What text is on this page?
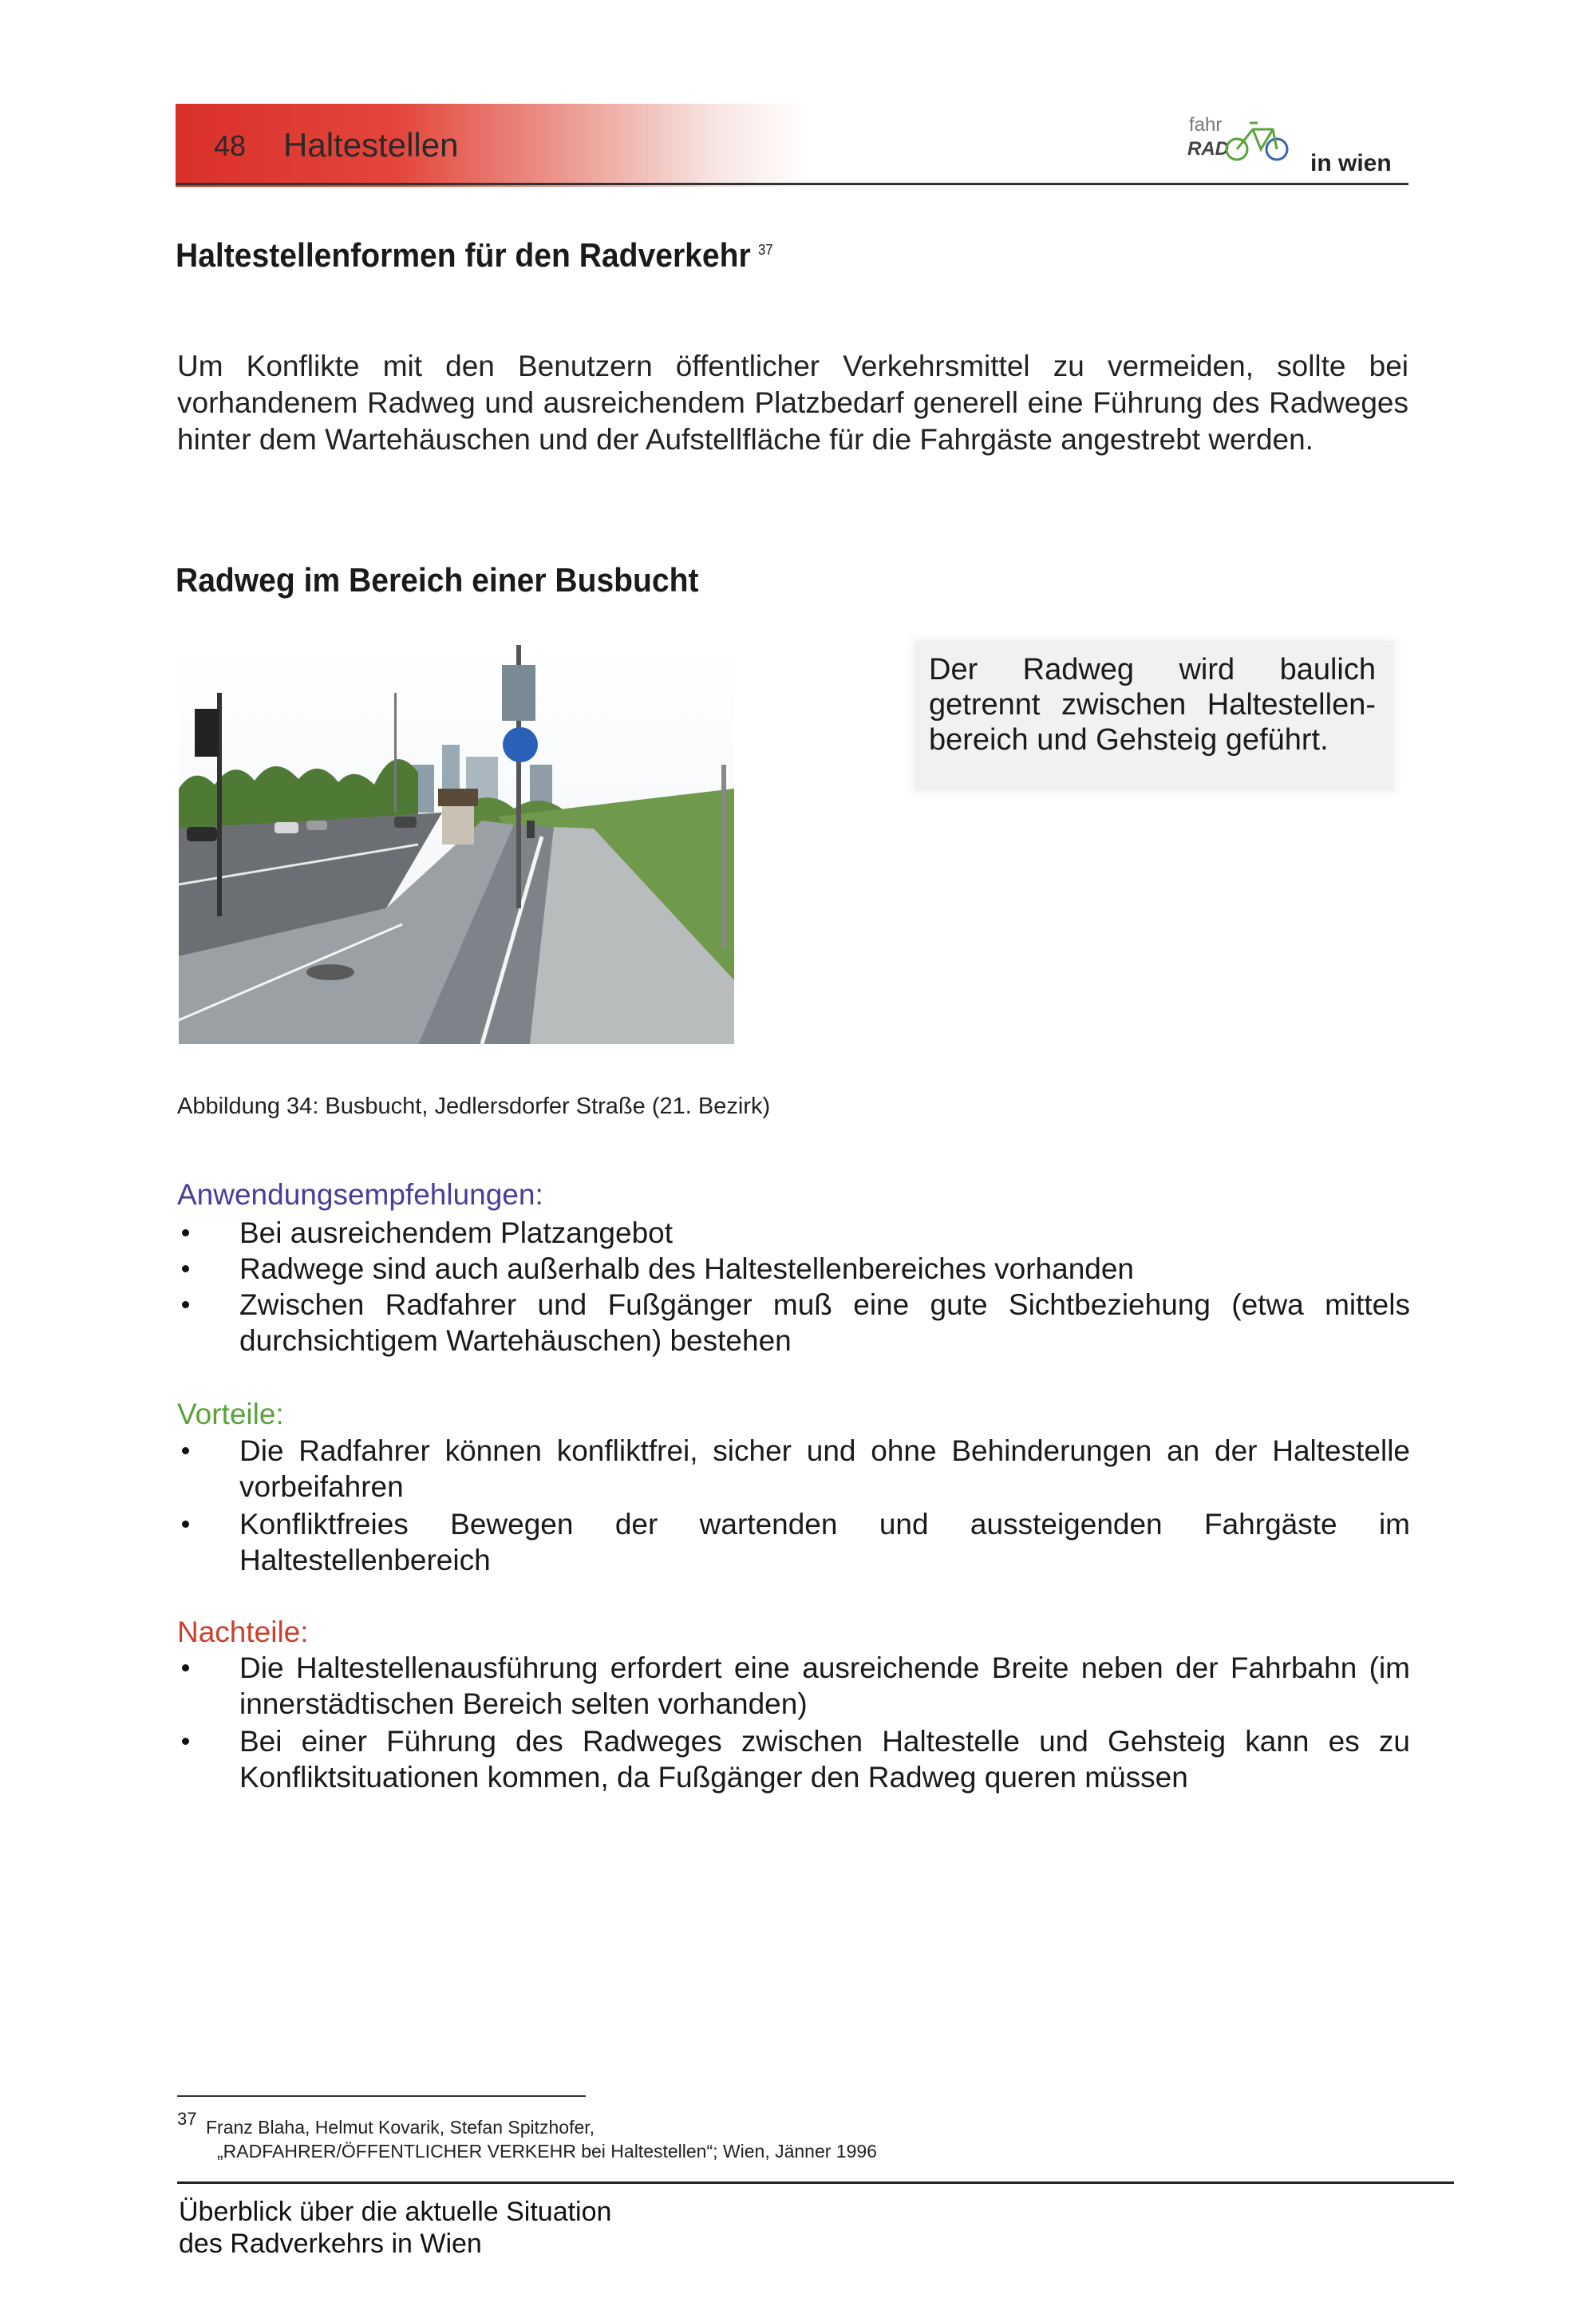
48 Haltestellen
fahr
RAD
in wien
Haltestellenformen für den Radverkehr $^{37}$

Um Konflikte mit den Benutzern öffentlicher Verkehrsmittel zu vermeiden, sollte bei vorhandenem Radweg und ausreichendem Platzbedarf generell eine Führung des Radweges hinter dem Wartehäuschen und der Aufstellfläche für die Fahrgäste angestrebt werden.

Radweg im Bereich einer Busbucht

Der Radweg wird baulich getrennt zwischen Haltestellen-bereich und Gehsteig geführt.

Abbildung 34: Busbucht, Jedlersdorfer Straße (21. Bezirk)
Anwendungsempfehlungen:
Bei ausreichendem Platzangebot
Radwege sind auch außerhalb des Haltestellenbereiches vorhanden
Zwischen Radfahrer und Fußgänger muß eine gute Sichtbeziehung (etwa mittels durchsichtigem Wartehäuschen) bestehen
Vorteile:
Die Radfahrer können konfliktfrei, sicher und ohne Behinderungen an der Haltestelle vorbeifahren
Konfliktfreies Bewegen der wartenden und aussteigenden Fahrgäste im Haltestellenbereich
Nachteile:
Die Haltestellenausführung erfordert eine ausreichende Breite neben der Fahrbahn (im innerstädtischen Bereich selten vorhanden)
Bei einer Führung des Radweges zwischen Haltestelle und Gehsteig kann es zu Konfliktsituationen kommen, da Fußgänger den Radweg queren müssen
37 Franz Blaha, Helmut Kovarik, Stefan Spitzhofer,
„RADFAHRER/ÖFFENTLICHER VERKEHR bei Haltestellen“; Wien, Jänner 1996
Überblick über die aktuelle Situation
des Radverkehrs in Wien
